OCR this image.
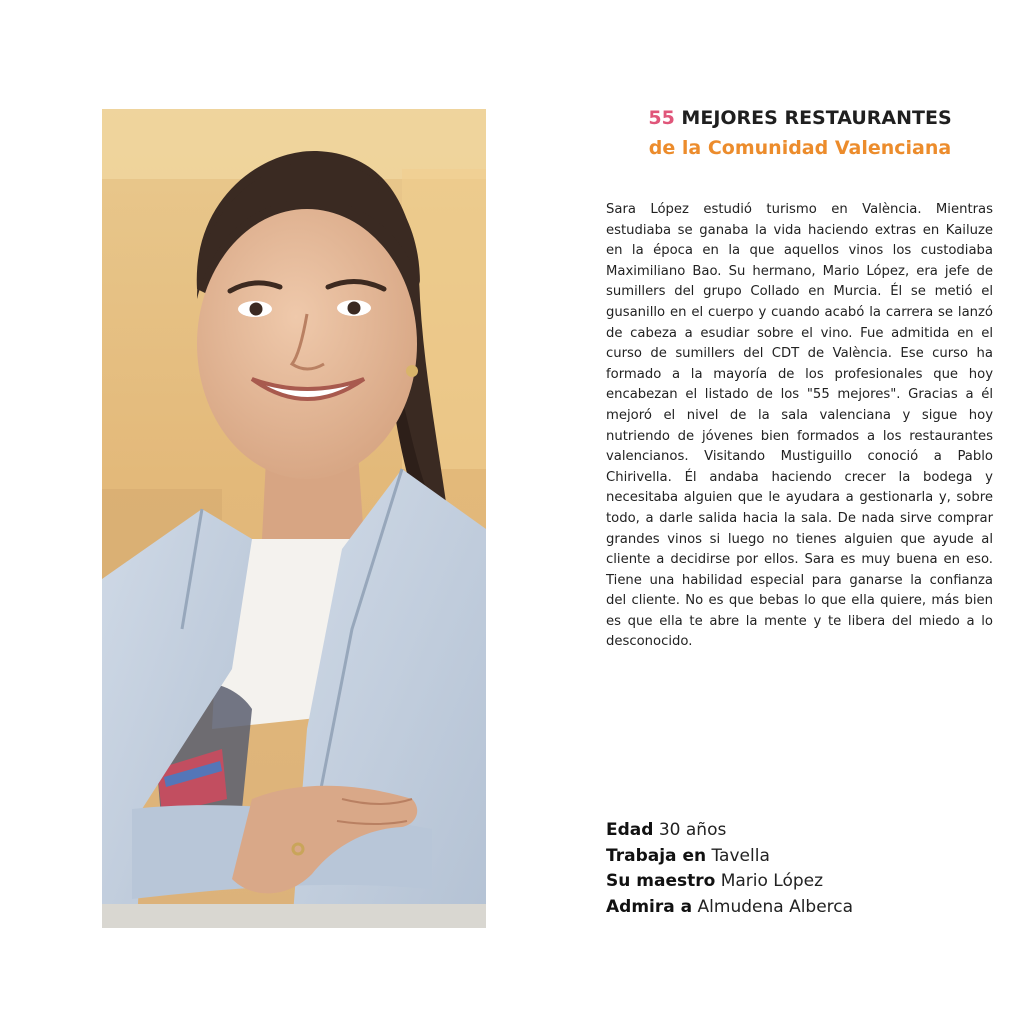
55 MEJORES RESTAURANTES
de la Comunidad Valenciana
Sara López estudió turismo en València. Mientras estudiaba se ganaba la vida haciendo extras en Kailuze en la época en la que aquellos vinos los custodiaba Maximiliano Bao. Su hermano, Mario López, era jefe de sumillers del grupo Collado en Murcia. Él se metió el gusanillo en el cuerpo y cuando acabó la carrera se lanzó de cabeza a esudiar sobre el vino. Fue admitida en el curso de sumillers del CDT de València. Ese curso ha formado a la mayoría de los profesionales que hoy encabezan el listado de los "55 mejores". Gracias a él mejoró el nivel de la sala valenciana y sigue hoy nutriendo de jóvenes bien formados a los restaurantes valencianos. Visitando Mustiguillo conoció a Pablo Chirivella. Él andaba haciendo crecer la bodega y necesitaba alguien que le ayudara a gestionarla y, sobre todo, a darle salida hacia la sala. De nada sirve comprar grandes vinos si luego no tienes alguien que ayude al cliente a decidirse por ellos. Sara es muy buena en eso. Tiene una habilidad especial para ganarse la confianza del cliente. No es que bebas lo que ella quiere, más bien es que ella te abre la mente y te libera del miedo a lo desconocido.
Edad 30 años
Trabaja en Tavella
Su maestro Mario López
Admira a Almudena Alberca
